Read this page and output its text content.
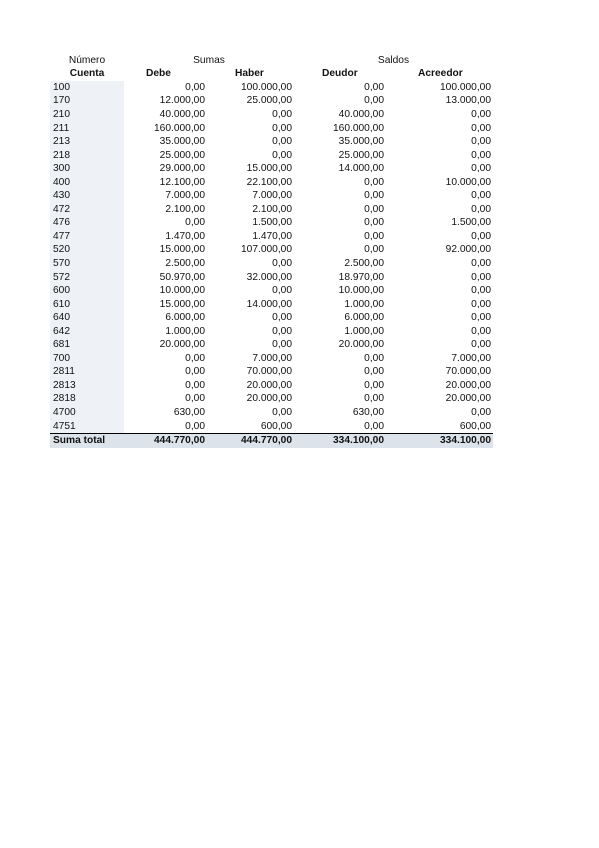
Número	Sumas		Saldos	
Cuenta	Debe	Haber	Deudor	Acreedor
100	0,00	100.000,00	0,00	100.000,00
170	12.000,00	25.000,00	0,00	13.000,00
210	40.000,00	0,00	40.000,00	0,00
211	160.000,00	0,00	160.000,00	0,00
213	35.000,00	0,00	35.000,00	0,00
218	25.000,00	0,00	25.000,00	0,00
300	29.000,00	15.000,00	14.000,00	0,00
400	12.100,00	22.100,00	0,00	10.000,00
430	7.000,00	7.000,00	0,00	0,00
472	2.100,00	2.100,00	0,00	0,00
476	0,00	1.500,00	0,00	1.500,00
477	1.470,00	1.470,00	0,00	0,00
520	15.000,00	107.000,00	0,00	92.000,00
570	2.500,00	0,00	2.500,00	0,00
572	50.970,00	32.000,00	18.970,00	0,00
600	10.000,00	0,00	10.000,00	0,00
610	15.000,00	14.000,00	1.000,00	0,00
640	6.000,00	0,00	6.000,00	0,00
642	1.000,00	0,00	1.000,00	0,00
681	20.000,00	0,00	20.000,00	0,00
700	0,00	7.000,00	0,00	7.000,00
2811	0,00	70.000,00	0,00	70.000,00
2813	0,00	20.000,00	0,00	20.000,00
2818	0,00	20.000,00	0,00	20.000,00
4700	630,00	0,00	630,00	0,00
4751	0,00	600,00	0,00	600,00
Suma total	444.770,00	444.770,00	334.100,00	334.100,00
